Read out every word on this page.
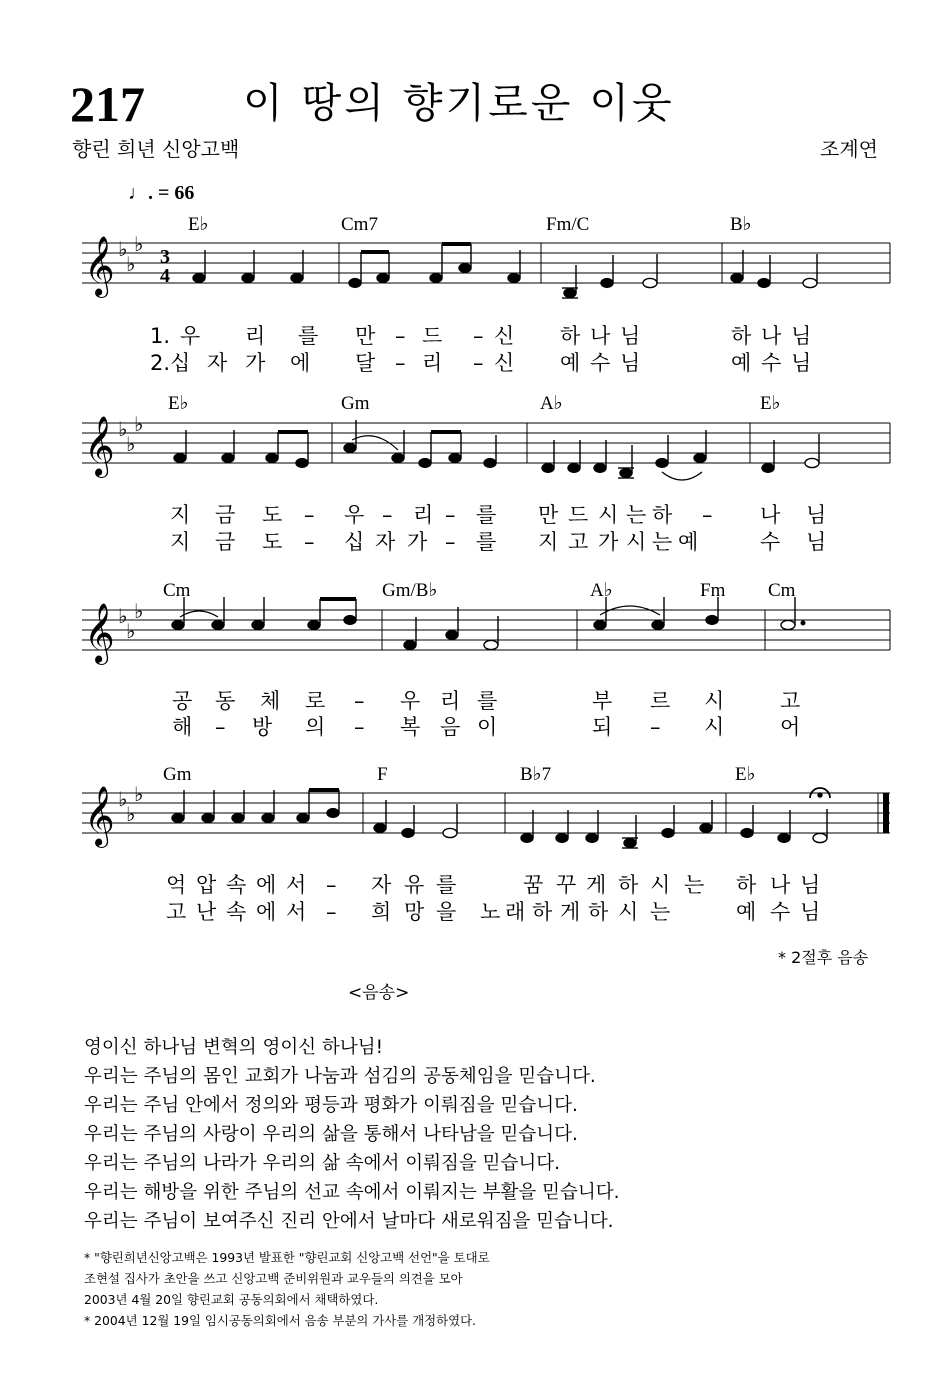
217 이 땅의 향기로운 이웃
향린 희년 신앙고백	조계연
♩. = 66
E♭	Cm7	Fm/C	B♭
𝄞 ♭
♭
♭
3
4
1. 우 리 를 만 – 드 – 신 하 나 님	하 나 님
2.십 자 가 에 달 – 리 – 신 예 수 님	예 수 님
E♭	Gm	A♭	E♭
𝄞 ♭
♭
♭
지 금 도 – 우 – 리 – 를 만 드 시 는 하 – 나 님
지 금 도 – 십 자 가 – 를 지 고 가 시 는 예	수 님
Cm	Gm/B♭	A♭	Fm Cm
𝄞 ♭
♭
♭
공 동 체 로 – 우 리 를	부 르 시	고
해 – 방 의 – 복 음 이	되 – 시	어
Gm	F	B♭7	E♭
𝄞 ♭
♭
♭
억 압 속 에 서 – 자 유 를	꿈 꾸 게 하 시 는 하 나 님
고 난 속 에 서 – 희 망 을 노 래 하 게 하 시 는	예 수 님
* 2절후 음송
<음송>
영이신 하나님 변혁의 영이신 하나님!
우리는 주님의 몸인 교회가 나눔과 섬김의 공동체임을 믿습니다.
우리는 주님 안에서 정의와 평등과 평화가 이뤄짐을 믿습니다.
우리는 주님의 사랑이 우리의 삶을 통해서 나타남을 믿습니다.
우리는 주님의 나라가 우리의 삶 속에서 이뤄짐을 믿습니다.
우리는 해방을 위한 주님의 선교 속에서 이뤄지는 부활을 믿습니다.
우리는 주님이 보여주신 진리 안에서 날마다 새로워짐을 믿습니다.
* "향린희년신앙고백은 1993년 발표한 "향린교회 신앙고백 선언"을 토대로
조현설 집사가 초안을 쓰고 신앙고백 준비위원과 교우들의 의견을 모아
2003년 4월 20일 향린교회 공동의회에서 채택하였다.
* 2004년 12월 19일 임시공동의회에서 음송 부분의 가사를 개정하였다.
